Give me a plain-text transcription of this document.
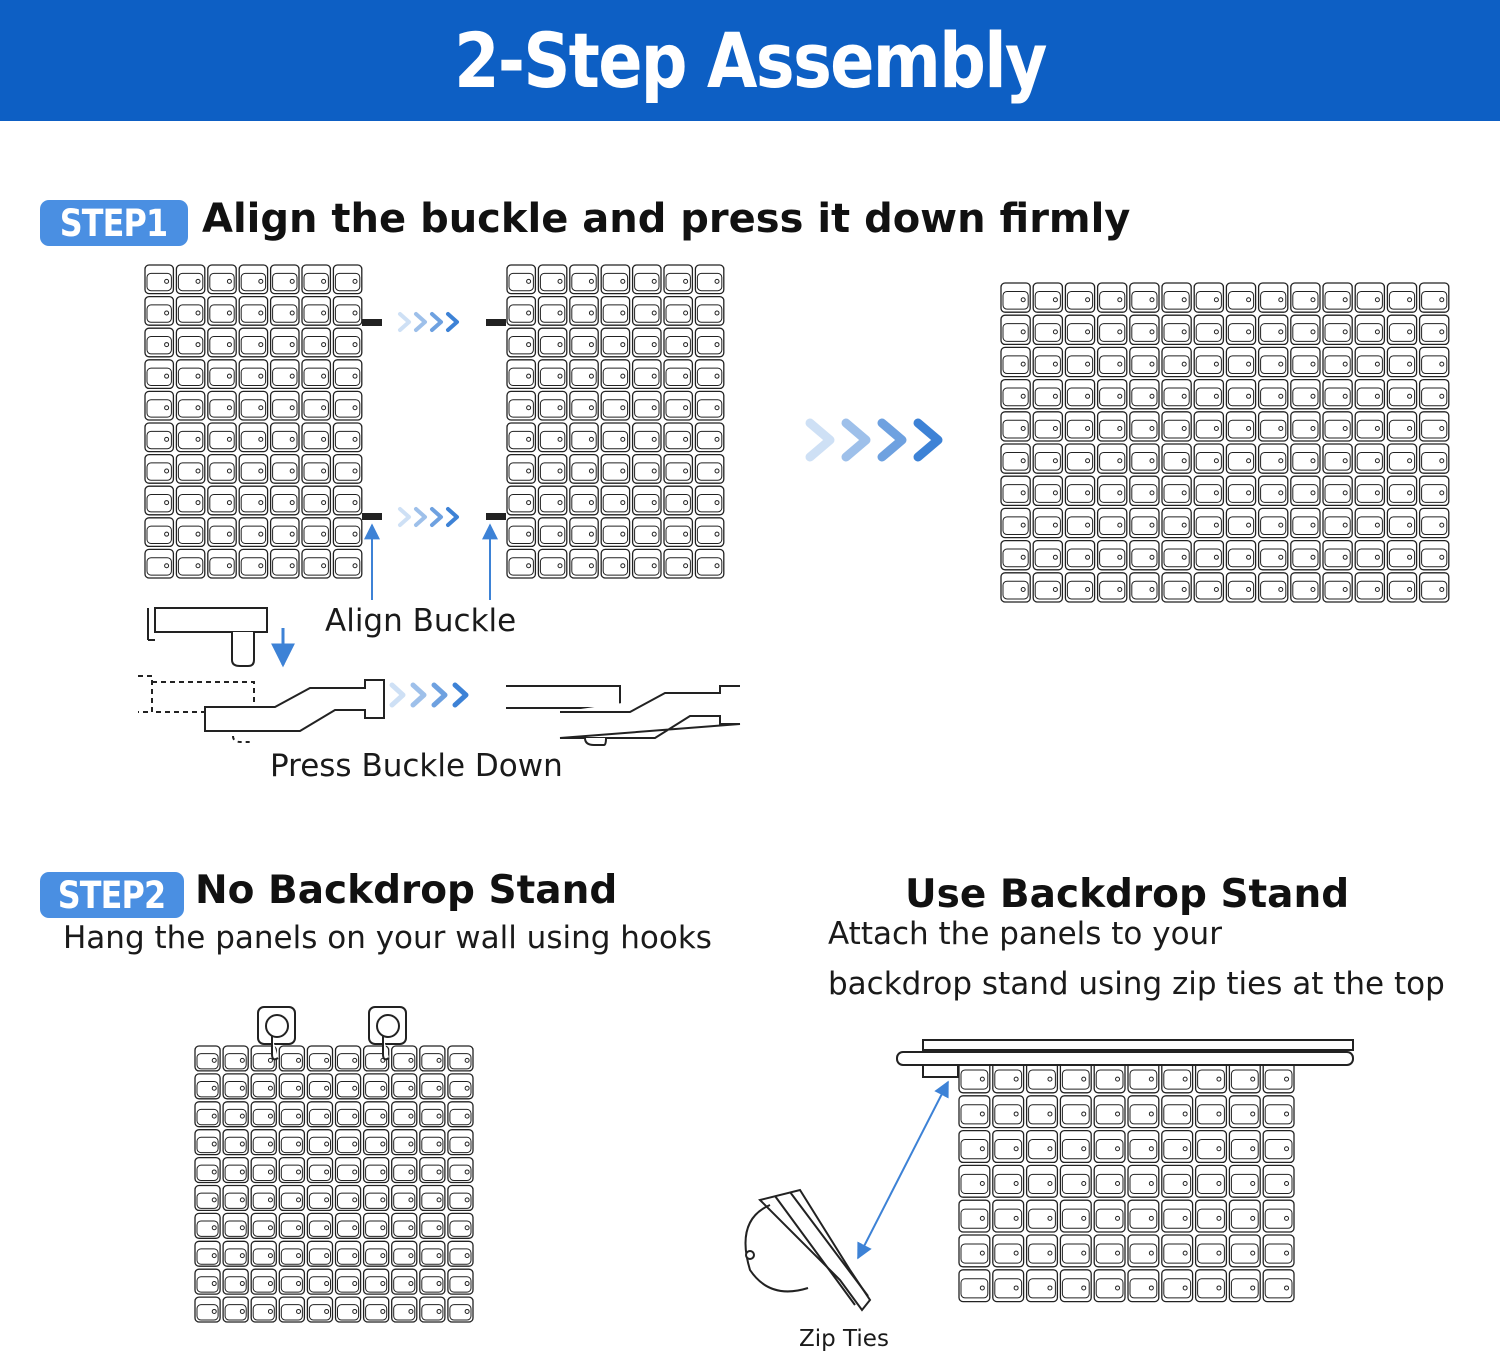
2-Step Assembly
STEP1 Align the buckle and press it down firmly
STEP2 No Backdrop Stand
Hang the panels on your wall using hooks
Use Backdrop Stand
Attach the panels to your
backdrop stand using zip ties at the top
Align Buckle
Press Buckle Down
Zip Ties
